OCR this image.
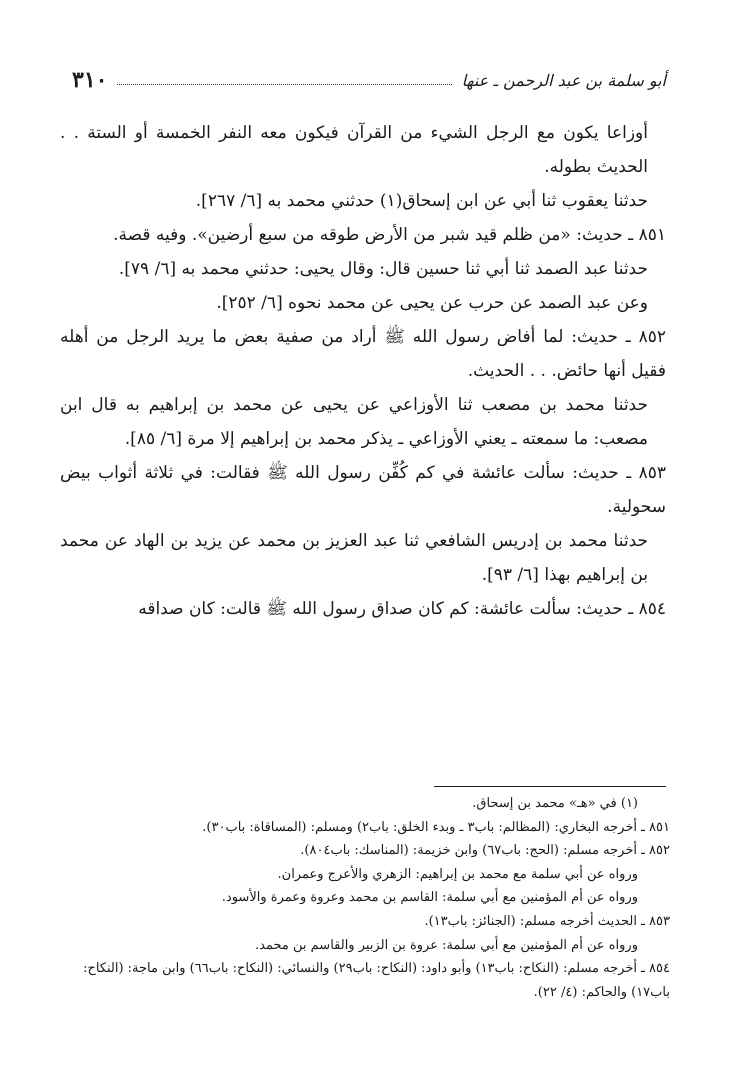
٣١٠	أبو سلمة بن عبد الرحمن ـ عنها

أوزاعا يكون مع الرجل الشيء من القرآن فيكون معه النفر الخمسة أو الستة . . الحديث بطوله.

حدثنا يعقوب ثنا أبي عن ابن إسحاق(١) حدثني محمد به [٦/ ٢٦٧].

٨٥١ ـ حديث: «من ظلم قيد شبر من الأرض طوقه من سبع أرضين». وفيه قصة.

حدثنا عبد الصمد ثنا أبي ثنا حسين قال: وقال يحيى: حدثني محمد به [٦/ ٧٩].

وعن عبد الصمد عن حرب عن يحيى عن محمد نحوه [٦/ ٢٥٢].

٨٥٢ ـ حديث: لما أفاض رسول الله ﷺ أراد من صفية بعض ما يريد الرجل من أهله فقيل أنها حائض. . . الحديث.

حدثنا محمد بن مصعب ثنا الأوزاعي عن يحيى عن محمد بن إبراهيم به قال ابن مصعب: ما سمعته ـ يعني الأوزاعي ـ يذكر محمد بن إبراهيم إلا مرة [٦/ ٨٥].

٨٥٣ ـ حديث: سألت عائشة في كم كُفِّن رسول الله ﷺ فقالت: في ثلاثة أثواب بيض سحولية.

حدثنا محمد بن إدريس الشافعي ثنا عبد العزيز بن محمد عن يزيد بن الهاد عن محمد بن إبراهيم بهذا [٦/ ٩٣].

٨٥٤ ـ حديث: سألت عائشة: كم كان صداق رسول الله ﷺ قالت: كان صداقه

(١) في «هـ» محمد بن إسحاق.

٨٥١ ـ أخرجه البخاري: (المظالم: باب٣ ـ وبدء الخلق: باب٢) ومسلم: (المساقاة: باب٣٠).

٨٥٢ ـ أخرجه مسلم: (الحج: باب٦٧) وابن خزيمة: (المناسك: باب٨٠٤).

ورواه عن أبي سلمة مع محمد بن إبراهيم: الزهري والأعرج وعمران.

ورواه عن أم المؤمنين مع أبي سلمة: القاسم بن محمد وعروة وعمرة والأسود.

٨٥٣ ـ الحديث أخرجه مسلم: (الجنائز: باب١٣).

ورواه عن أم المؤمنين مع أبي سلمة: عروة بن الزبير والقاسم بن محمد.

٨٥٤ ـ أخرجه مسلم: (النكاح: باب١٣) وأبو داود: (النكاح: باب٢٩) والنسائي: (النكاح: باب٦٦) وابن ماجة: (النكاح: باب١٧) والحاكم: (٤/ ٢٢).
